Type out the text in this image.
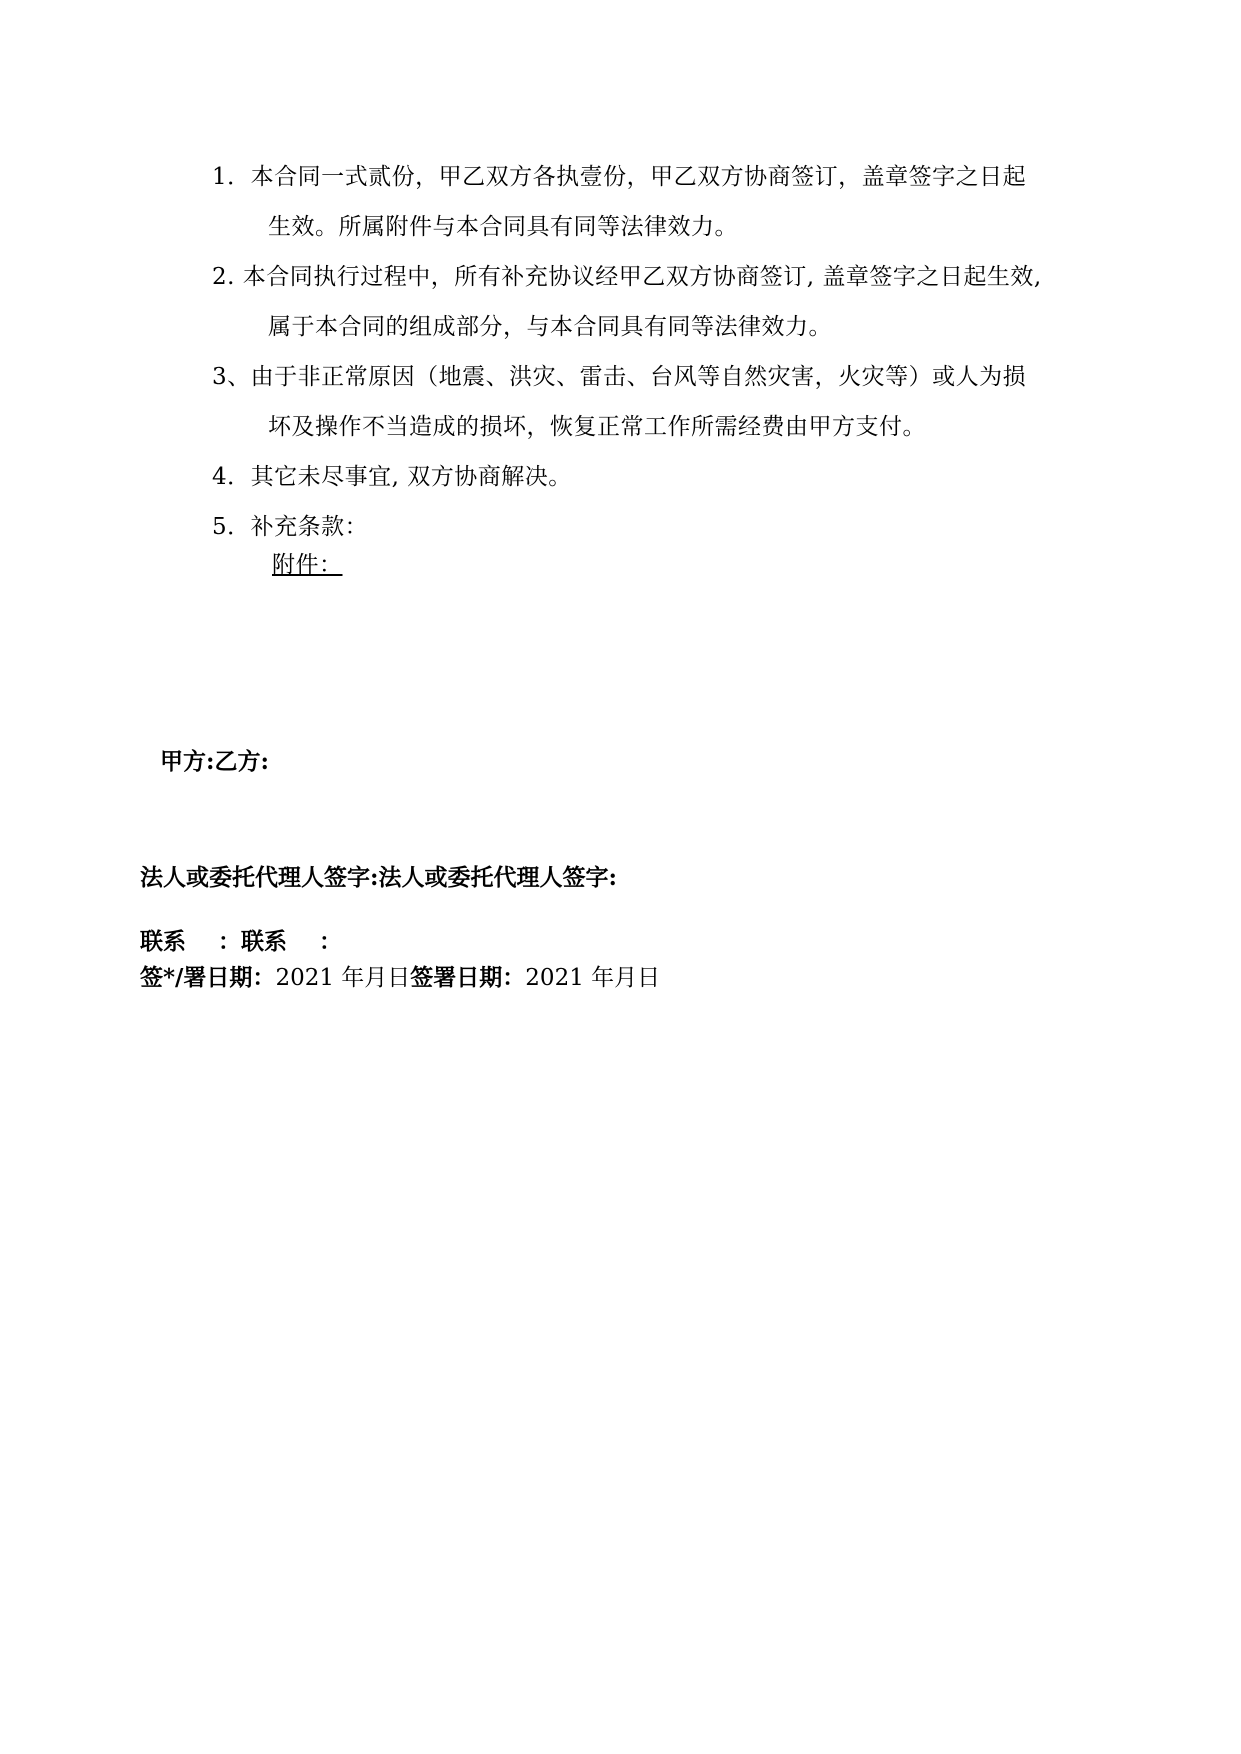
1．本合同一式贰份，甲乙双方各执壹份，甲乙双方协商签订，盖章签字之日起
生效。所属附件与本合同具有同等法律效力。
2. 本合同执行过程中，所有补充协议经甲乙双方协商签订, 盖章签字之日起生效,
属于本合同的组成部分，与本合同具有同等法律效力。
3、由于非正常原因（地震、洪灾、雷击、台风等自然灾害，火灾等）或人为损
坏及操作不当造成的损坏，恢复正常工作所需经费由甲方支付。
4．其它未尽事宜, 双方协商解决。
5．补充条款：
附件：
甲方:乙方:
法人或委托代理人签字:法人或委托代理人签字:
联系    ：联系    ：
签*/署日期：2021 年月日签署日期：2021 年月日
